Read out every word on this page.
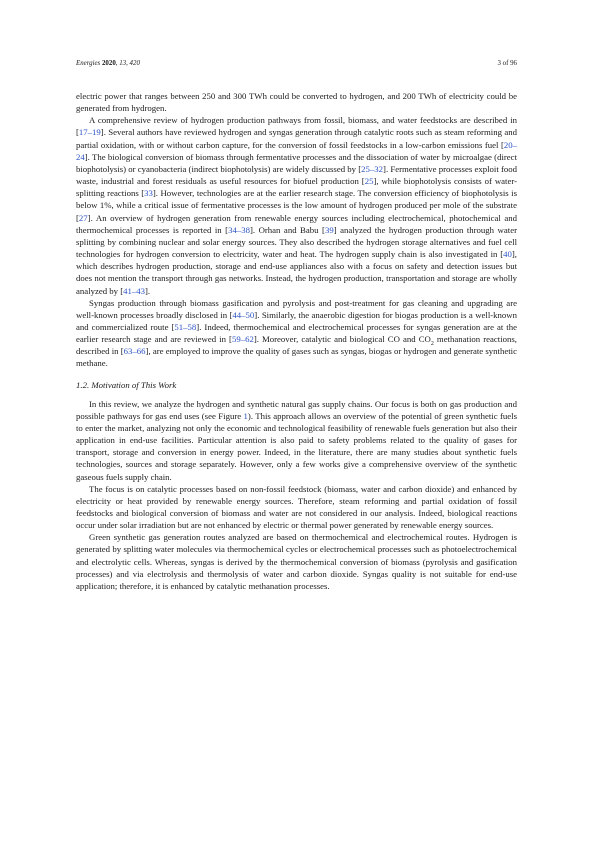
Energies 2020, 13, 420	3 of 96

electric power that ranges between 250 and 300 TWh could be converted to hydrogen, and 200 TWh of electricity could be generated from hydrogen.

A comprehensive review of hydrogen production pathways from fossil, biomass, and water feedstocks are described in [17–19]. Several authors have reviewed hydrogen and syngas generation through catalytic roots such as steam reforming and partial oxidation, with or without carbon capture, for the conversion of fossil feedstocks in a low-carbon emissions fuel [20–24]. The biological conversion of biomass through fermentative processes and the dissociation of water by microalgae (direct biophotolysis) or cyanobacteria (indirect biophotolysis) are widely discussed by [25–32]. Fermentative processes exploit food waste, industrial and forest residuals as useful resources for biofuel production [25], while biophotolysis consists of water-splitting reactions [33]. However, technologies are at the earlier research stage. The conversion efficiency of biophotolysis is below 1%, while a critical issue of fermentative processes is the low amount of hydrogen produced per mole of the substrate [27]. An overview of hydrogen generation from renewable energy sources including electrochemical, photochemical and thermochemical processes is reported in [34–38]. Orhan and Babu [39] analyzed the hydrogen production through water splitting by combining nuclear and solar energy sources. They also described the hydrogen storage alternatives and fuel cell technologies for hydrogen conversion to electricity, water and heat. The hydrogen supply chain is also investigated in [40], which describes hydrogen production, storage and end-use appliances also with a focus on safety and detection issues but does not mention the transport through gas networks. Instead, the hydrogen production, transportation and storage are wholly analyzed by [41–43].

Syngas production through biomass gasification and pyrolysis and post-treatment for gas cleaning and upgrading are well-known processes broadly disclosed in [44–50]. Similarly, the anaerobic digestion for biogas production is a well-known and commercialized route [51–58]. Indeed, thermochemical and electrochemical processes for syngas generation are at the earlier research stage and are reviewed in [59–62]. Moreover, catalytic and biological CO and $CO_2$ methanation reactions, described in [63–66], are employed to improve the quality of gases such as syngas, biogas or hydrogen and generate synthetic methane.

1.2. Motivation of This Work

In this review, we analyze the hydrogen and synthetic natural gas supply chains. Our focus is both on gas production and possible pathways for gas end uses (see Figure 1). This approach allows an overview of the potential of green synthetic fuels to enter the market, analyzing not only the economic and technological feasibility of renewable fuels generation but also their application in end-use facilities. Particular attention is also paid to safety problems related to the quality of gases for transport, storage and conversion in energy power. Indeed, in the literature, there are many studies about synthetic fuels technologies, sources and storage separately. However, only a few works give a comprehensive overview of the synthetic gaseous fuels supply chain.

The focus is on catalytic processes based on non-fossil feedstock (biomass, water and carbon dioxide) and enhanced by electricity or heat provided by renewable energy sources. Therefore, steam reforming and partial oxidation of fossil feedstocks and biological conversion of biomass and water are not considered in our analysis. Indeed, biological reactions occur under solar irradiation but are not enhanced by electric or thermal power generated by renewable energy sources.

Green synthetic gas generation routes analyzed are based on thermochemical and electrochemical routes. Hydrogen is generated by splitting water molecules via thermochemical cycles or electrochemical processes such as photoelectrochemical and electrolytic cells. Whereas, syngas is derived by the thermochemical conversion of biomass (pyrolysis and gasification processes) and via electrolysis and thermolysis of water and carbon dioxide. Syngas quality is not suitable for end-use application; therefore, it is enhanced by catalytic methanation processes.
